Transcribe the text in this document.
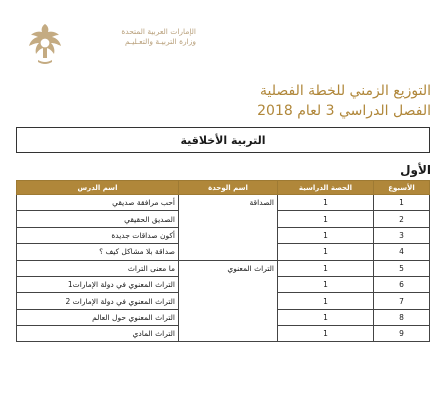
الإمارات العربية المتحدة
وزارة التربيـة والتعـليـم
التوزيع الزمني للخطة الفصلية
الفصل الدراسي 3 لعام 2018
التربية الأخلاقية
الأول
الأسبوع	الحصة الدراسية	اسم الوحدة	اسم الدرس
1	1	الصداقة	أحب مرافقة صديقي
2	1		الصديق الحقيقي
3	1		أكون صداقات جديدة
4	1		صداقة بلا مشاكل كيف ؟
5	1	التراث المعنوي	ما معنى التراث
6	1		التراث المعنوي في دولة الإمارات1
7	1		التراث المعنوي في دولة الإمارات 2
8	1		التراث المعنوي حول العالم
9	1		التراث المادي
